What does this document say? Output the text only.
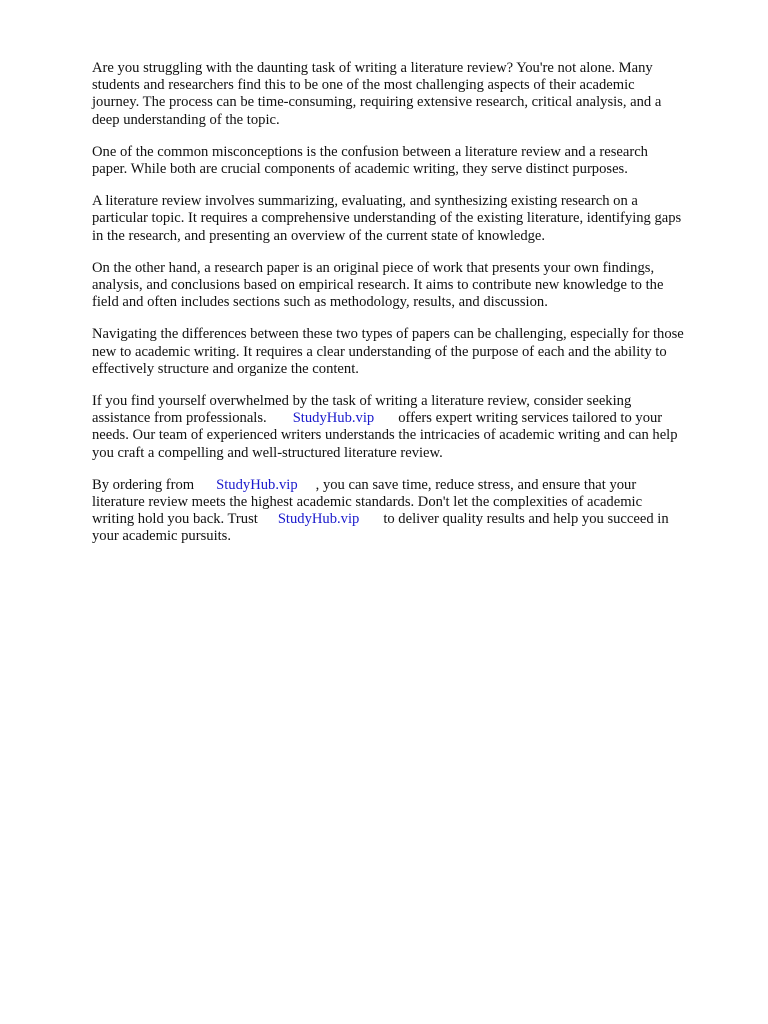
Are you struggling with the daunting task of writing a literature review? You're not alone. Many
students and researchers find this to be one of the most challenging aspects of their academic
journey. The process can be time-consuming, requiring extensive research, critical analysis, and a
deep understanding of the topic.

One of the common misconceptions is the confusion between a literature review and a research
paper. While both are crucial components of academic writing, they serve distinct purposes.

A literature review involves summarizing, evaluating, and synthesizing existing research on a
particular topic. It requires a comprehensive understanding of the existing literature, identifying gaps
in the research, and presenting an overview of the current state of knowledge.

On the other hand, a research paper is an original piece of work that presents your own findings,
analysis, and conclusions based on empirical research. It aims to contribute new knowledge to the
field and often includes sections such as methodology, results, and discussion.

Navigating the differences between these two types of papers can be challenging, especially for those
new to academic writing. It requires a clear understanding of the purpose of each and the ability to
effectively structure and organize the content.

If you find yourself overwhelmed by the task of writing a literature review, consider seeking
assistance from professionals. StudyHub.vip offers expert writing services tailored to your
needs. Our team of experienced writers understands the intricacies of academic writing and can help
you craft a compelling and well-structured literature review.

By ordering from StudyHub.vip , you can save time, reduce stress, and ensure that your
literature review meets the highest academic standards. Don't let the complexities of academic
writing hold you back. Trust StudyHub.vip to deliver quality results and help you succeed in
your academic pursuits.
